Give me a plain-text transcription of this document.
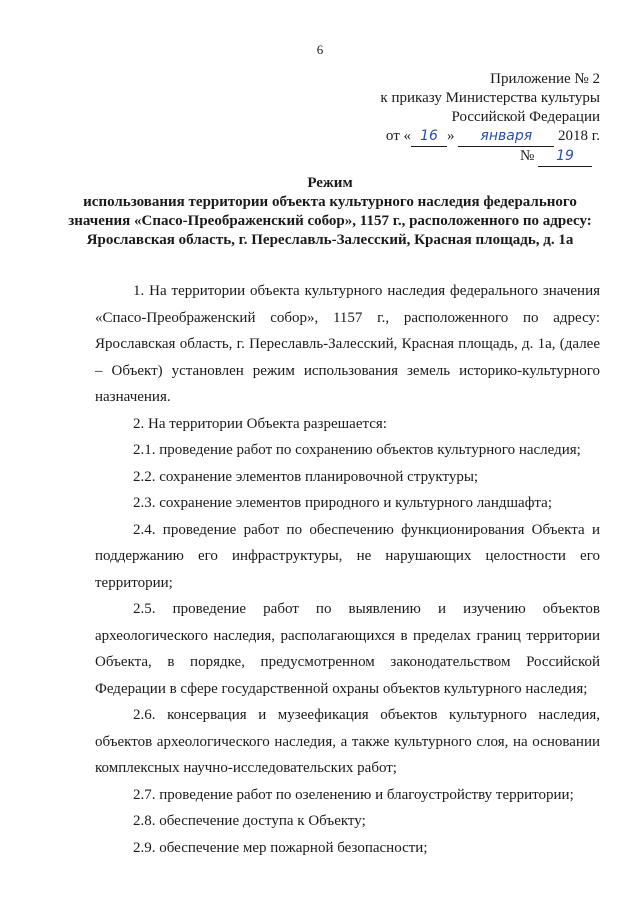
6
Приложение № 2
к приказу Министерства культуры
Российской Федерации
от « 16 » января 2018 г.
№ 19
Режим
использования территории объекта культурного наследия федерального значения «Спасо-Преображенский собор», 1157 г., расположенного по адресу: Ярославская область, г. Переславль-Залесский, Красная площадь, д. 1а

1. На территории объекта культурного наследия федерального значения «Спасо-Преображенский собор», 1157 г., расположенного по адресу: Ярославская область, г. Переславль-Залесский, Красная площадь, д. 1а, (далее – Объект) установлен режим использования земель историко-культурного назначения.

2. На территории Объекта разрешается:

2.1. проведение работ по сохранению объектов культурного наследия;

2.2. сохранение элементов планировочной структуры;

2.3. сохранение элементов природного и культурного ландшафта;

2.4. проведение работ по обеспечению функционирования Объекта и поддержанию его инфраструктуры, не нарушающих целостности его территории;

2.5. проведение работ по выявлению и изучению объектов археологического наследия, располагающихся в пределах границ территории Объекта, в порядке, предусмотренном законодательством Российской Федерации в сфере государственной охраны объектов культурного наследия;

2.6. консервация и музеефикация объектов культурного наследия, объектов археологического наследия, а также культурного слоя, на основании комплексных научно-исследовательских работ;

2.7. проведение работ по озеленению и благоустройству территории;

2.8. обеспечение доступа к Объекту;

2.9. обеспечение мер пожарной безопасности;
